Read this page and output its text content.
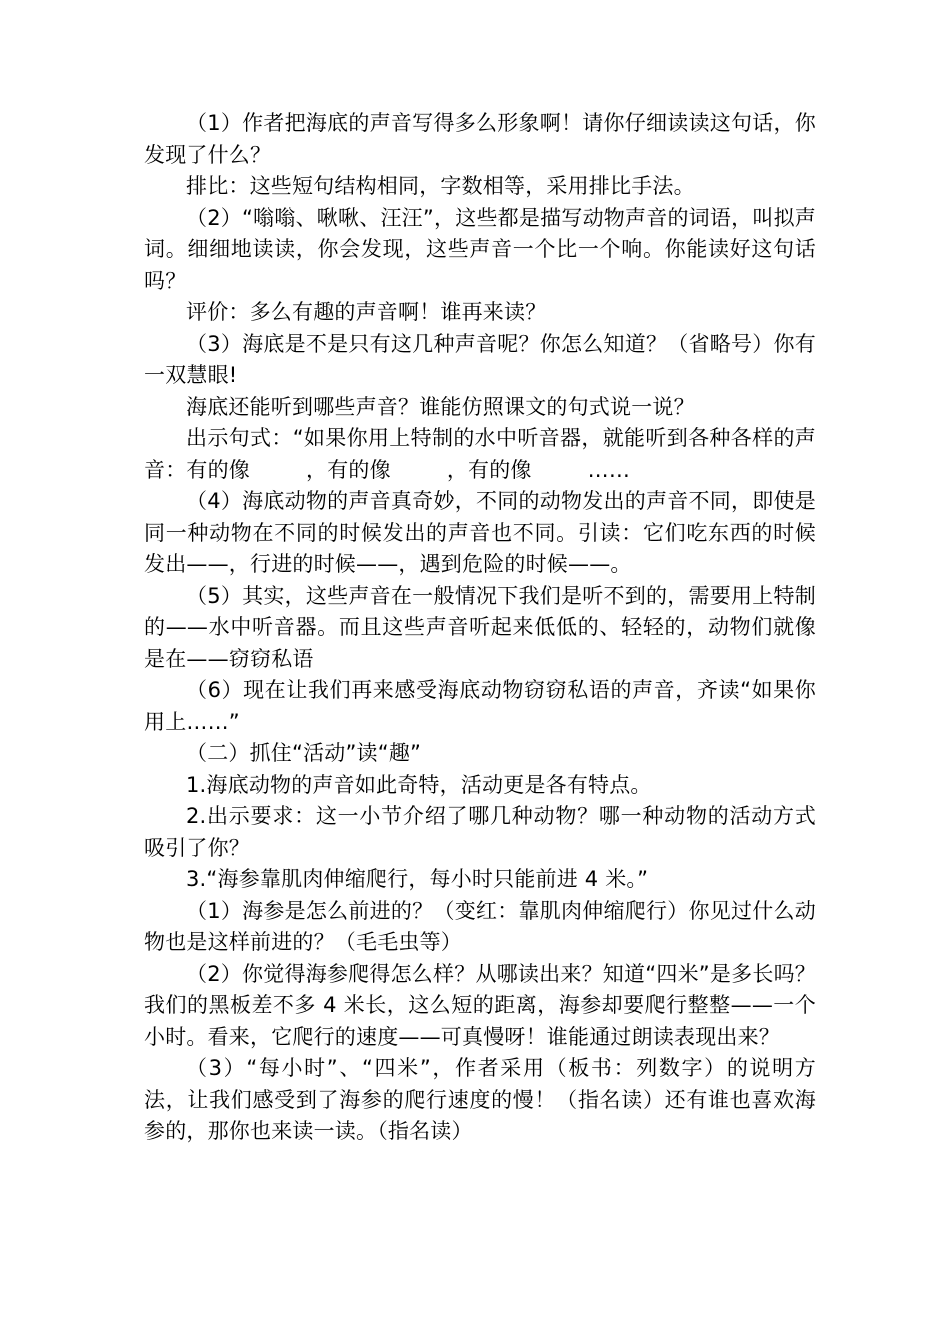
（1）作者把海底的声音写得多么形象啊！请你仔细读读这句话，你发现了什么？

排比：这些短句结构相同，字数相等，采用排比手法。

（2）“嗡嗡、啾啾、汪汪”，这些都是描写动物声音的词语，叫拟声词。细细地读读，你会发现，这些声音一个比一个响。你能读好这句话吗？

评价：多么有趣的声音啊！谁再来读？

（3）海底是不是只有这几种声音呢？你怎么知道？（省略号）你有一双慧眼!

海底还能听到哪些声音？谁能仿照课文的句式说一说？

出示句式：“如果你用上特制的水中听音器，就能听到各种各样的声音：有的像	，有的像	，有的像	……

（4）海底动物的声音真奇妙，不同的动物发出的声音不同，即使是同一种动物在不同的时候发出的声音也不同。引读：它们吃东西的时候发出——，行进的时候——，遇到危险的时候——。

（5）其实，这些声音在一般情况下我们是听不到的，需要用上特制的——水中听音器。而且这些声音听起来低低的、轻轻的，动物们就像是在——窃窃私语

（6）现在让我们再来感受海底动物窃窃私语的声音，齐读“如果你用上……”

（二）抓住“活动”读“趣”

1.海底动物的声音如此奇特，活动更是各有特点。

2.出示要求：这一小节介绍了哪几种动物？哪一种动物的活动方式吸引了你？

3.“海参靠肌肉伸缩爬行，每小时只能前进 4 米。”

（1）海参是怎么前进的？（变红：靠肌肉伸缩爬行）你见过什么动物也是这样前进的？（毛毛虫等）

（2）你觉得海参爬得怎么样？从哪读出来？知道“四米”是多长吗？我们的黑板差不多 4 米长，这么短的距离，海参却要爬行整整——一个小时。看来，它爬行的速度——可真慢呀！谁能通过朗读表现出来？

（3）“每小时”、“四米”，作者采用（板书：列数字）的说明方法，让我们感受到了海参的爬行速度的慢！（指名读）还有谁也喜欢海参的，那你也来读一读。（指名读）
